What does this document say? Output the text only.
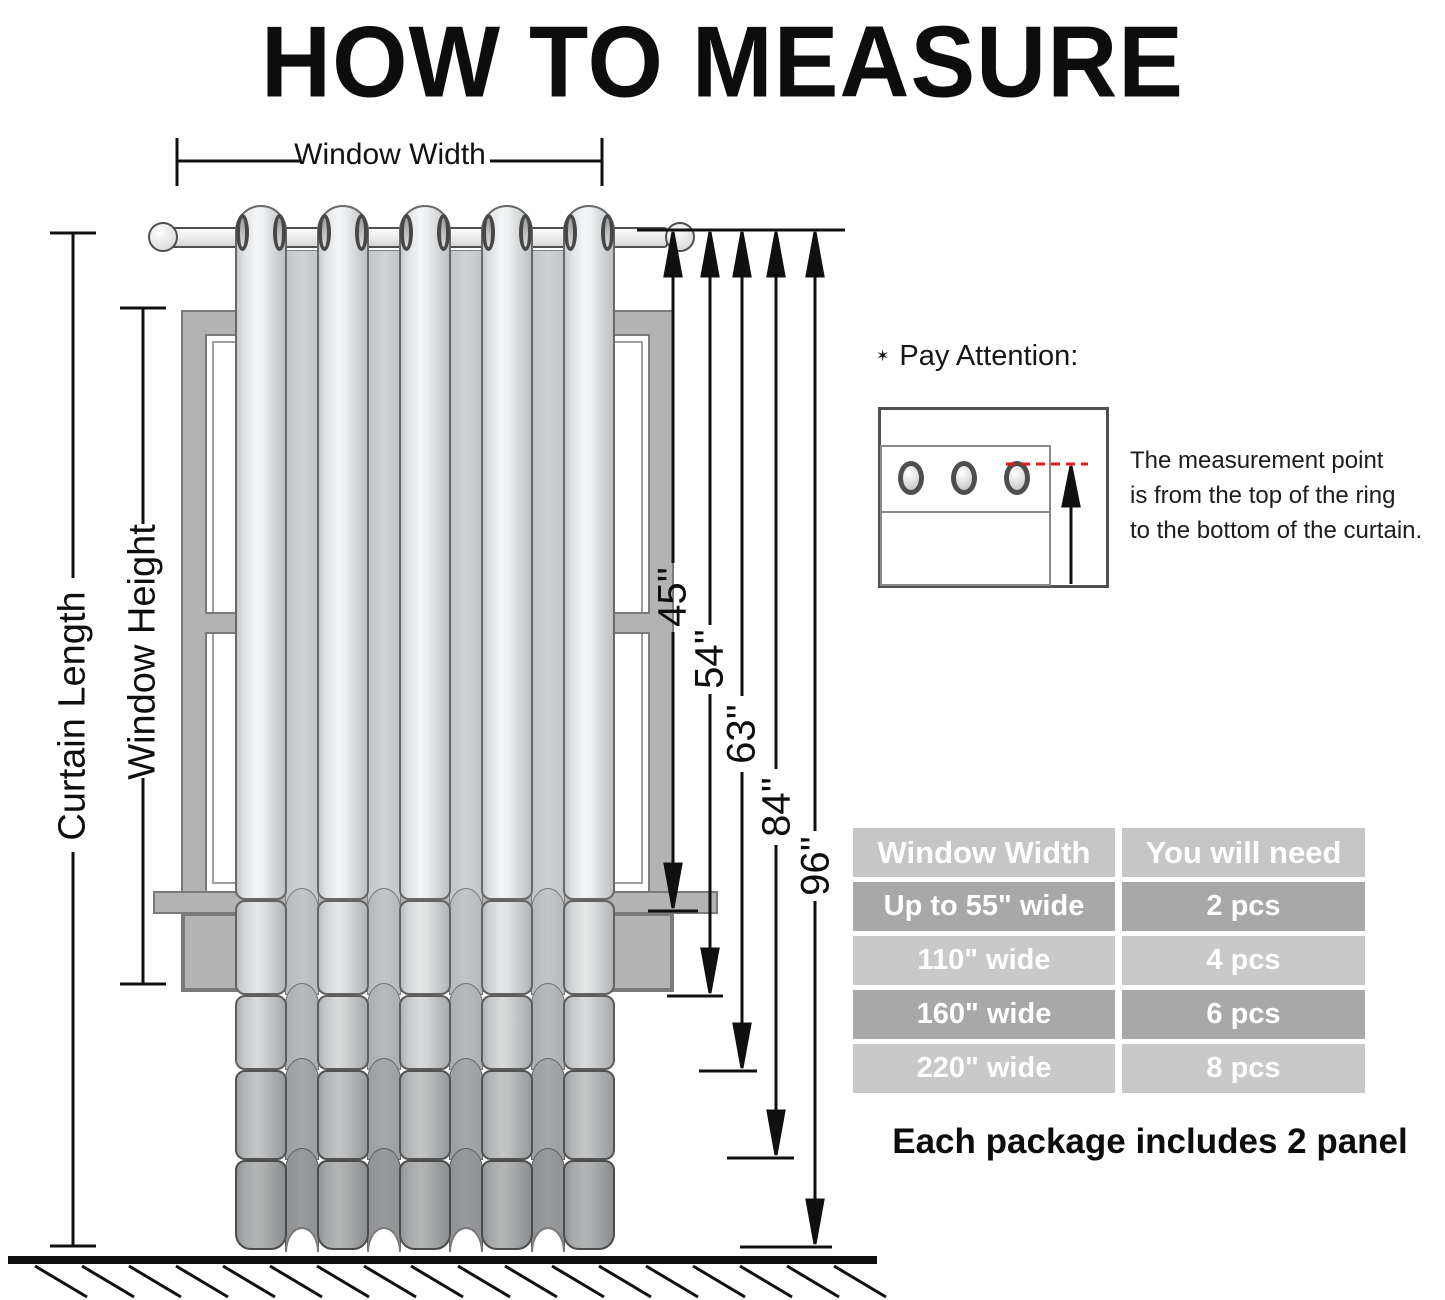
HOW TO MEASURE
Window Width
Curtain Length Window Height	45''
54''
63''
84''
96''
✶ Pay Attention:
The measurement point
is from the top of the ring
to the bottom of the curtain.
Window Width	You will need
Up to 55" wide	2 pcs
110" wide	4 pcs
160" wide	6 pcs
220" wide	8 pcs
Each package includes 2 panel
